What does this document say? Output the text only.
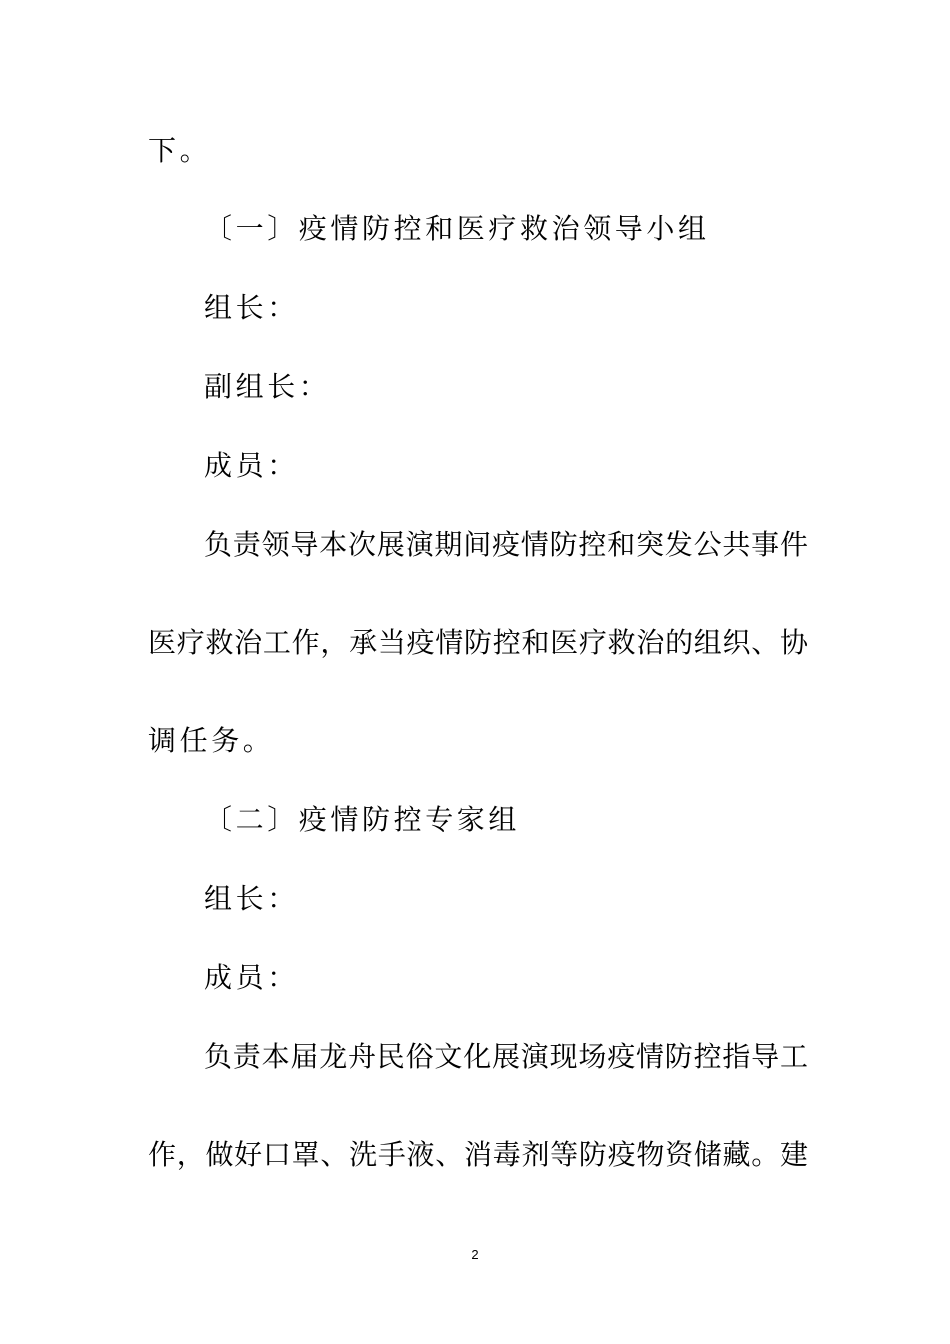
下。
〔一〕疫情防控和医疗救治领导小组
组长：
副组长：
成员：
负责领导本次展演期间疫情防控和突发公共事件
医疗救治工作，承当疫情防控和医疗救治的组织、协
调任务。
〔二〕疫情防控专家组
组长：
成员：
负责本届龙舟民俗文化展演现场疫情防控指导工
作，做好口罩、洗手液、消毒剂等防疫物资储藏。建
2
